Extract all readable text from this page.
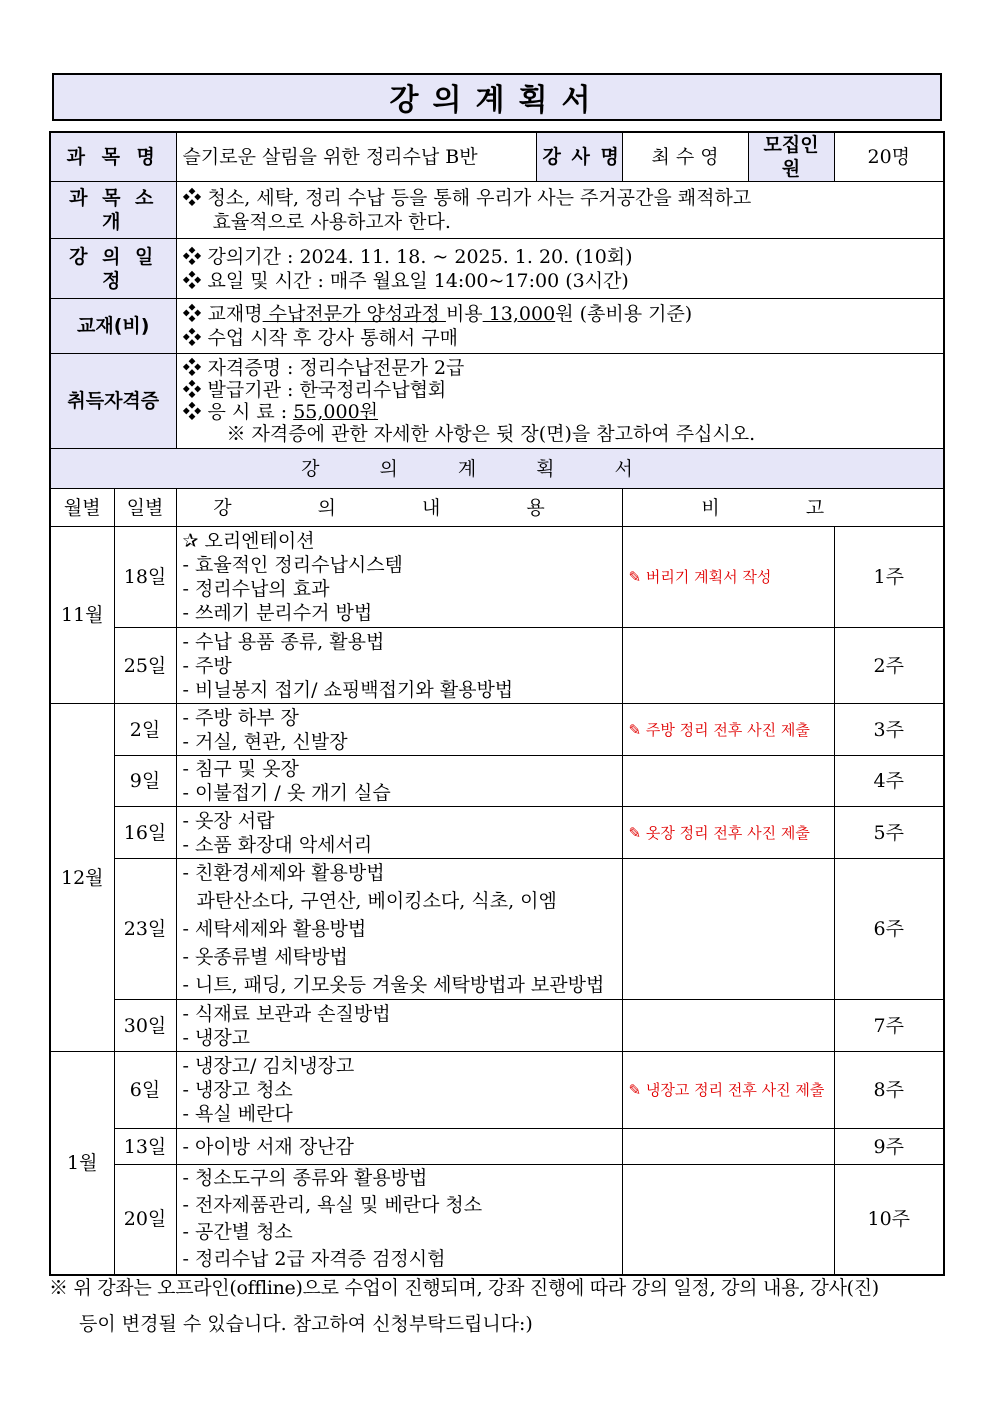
강의계획서
과 목 명		슬기로운 살림을 위한 정리수납 B반	강 사 명	최 수 영	모집인원	20명
과 목 소 개		❖ 청소, 세탁, 정리 수납 등을 통해 우리가 사는 주거공간을 쾌적하고
효율적으로 사용하고자 한다.				

강 의 일 정		❖ 강의기간 : 2024. 11. 18. ~ 2025. 1. 20. (10회)
❖ 요일 및 시간 : 매주 월요일 14:00~17:00 (3시간)				

교재(비)		❖ 교재명 수납전문가 양성과정 비용 13,000원 (총비용 기준)
❖ 수업 시작 후 강사 통해서 구매				

취득자격증		❖ 자격증명 : 정리수납전문가 2급
❖ 발급기관 : 한국정리수납협회
❖ 응 시 료 : 55,000원
※ 자격증에 관한 자세한 사항은 뒷 장(면)을 참고하여 주십시오.				

강의계획서						
월별	일별	강 의 내 용		비 고		
11월	18일	✰ 오리엔테이션
- 효율적인 정리수납시스템
- 정리수납의 효과
- 쓰레기 분리수거 방법		✎ 버리기 계획서 작성		1주
	25일	- 수납 용품 종류, 활용법
- 주방
- 비닐봉지 접기/ 쇼핑백접기와 활용방법				2주
12월	2일	- 주방 하부 장
- 거실, 현관, 신발장		✎ 주방 정리 전후 사진 제출		3주
	9일	- 침구 및 옷장
- 이불접기 / 옷 개기 실습				4주
	16일	- 옷장 서랍
- 소품 화장대 악세서리		✎ 옷장 정리 전후 사진 제출		5주
	23일	- 친환경세제와 활용방법
과탄산소다, 구연산, 베이킹소다, 식초, 이엠
- 세탁세제와 활용방법
- 옷종류별 세탁방법
- 니트, 패딩, 기모옷등 겨울옷 세탁방법과 보관방법				6주
	30일	- 식재료 보관과 손질방법
- 냉장고				7주
1월	6일	- 냉장고/ 김치냉장고
- 냉장고 청소
- 욕실 베란다		✎ 냉장고 정리 전후 사진 제출		8주
	13일	- 아이방 서재 장난감				9주
	20일	- 청소도구의 종류와 활용방법
- 전자제품관리, 욕실 및 베란다 청소
- 공간별 청소
- 정리수납 2급 자격증 검정시험				10주
※ 위 강좌는 오프라인(offline)으로 수업이 진행되며, 강좌 진행에 따라 강의 일정, 강의 내용, 강사(진)
등이 변경될 수 있습니다. 참고하여 신청부탁드립니다:)
